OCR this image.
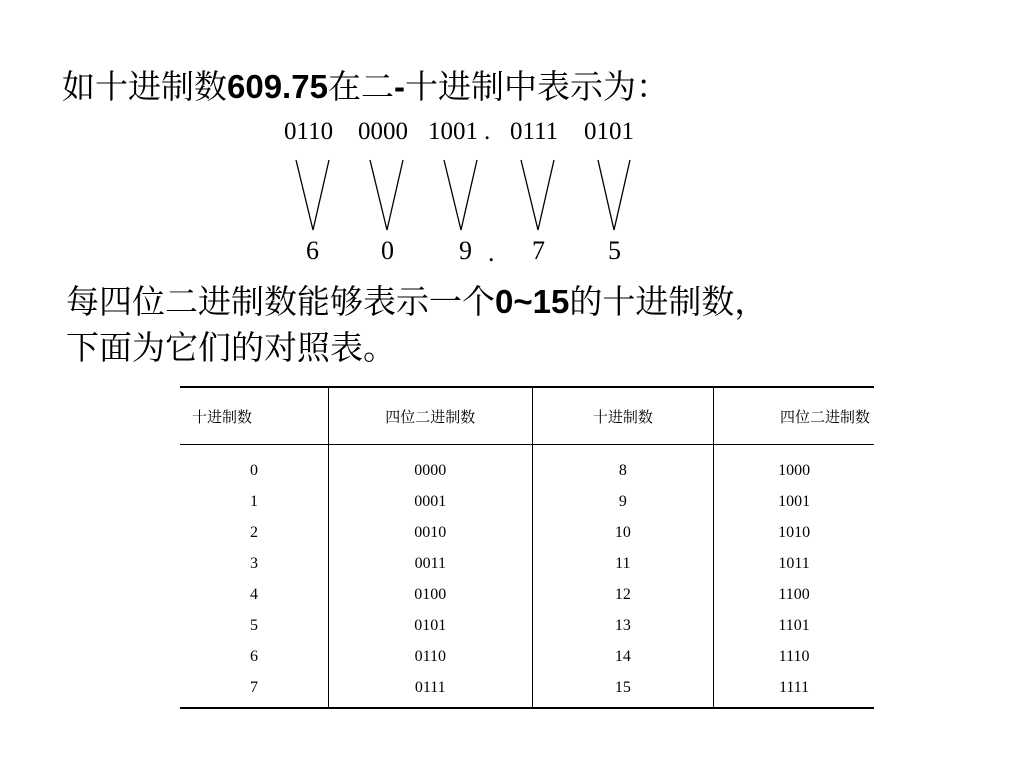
如十进制数609.75在二-十进制中表示为：
0110 0000 1001 . 0111 0101
6 0	9 . 7 5
每四位二进制数能够表示一个0~15的十进制数，
下面为它们的对照表。
十进制数	四位二进制数	十进制数	四位二进制数
0	0000	8	1000
1	0001	9	1001
2	0010	10	1010
3	0011	11	1011
4	0100	12	1100
5	0101	13	1101
6	0110	14	1110
7	0111	15	1111
